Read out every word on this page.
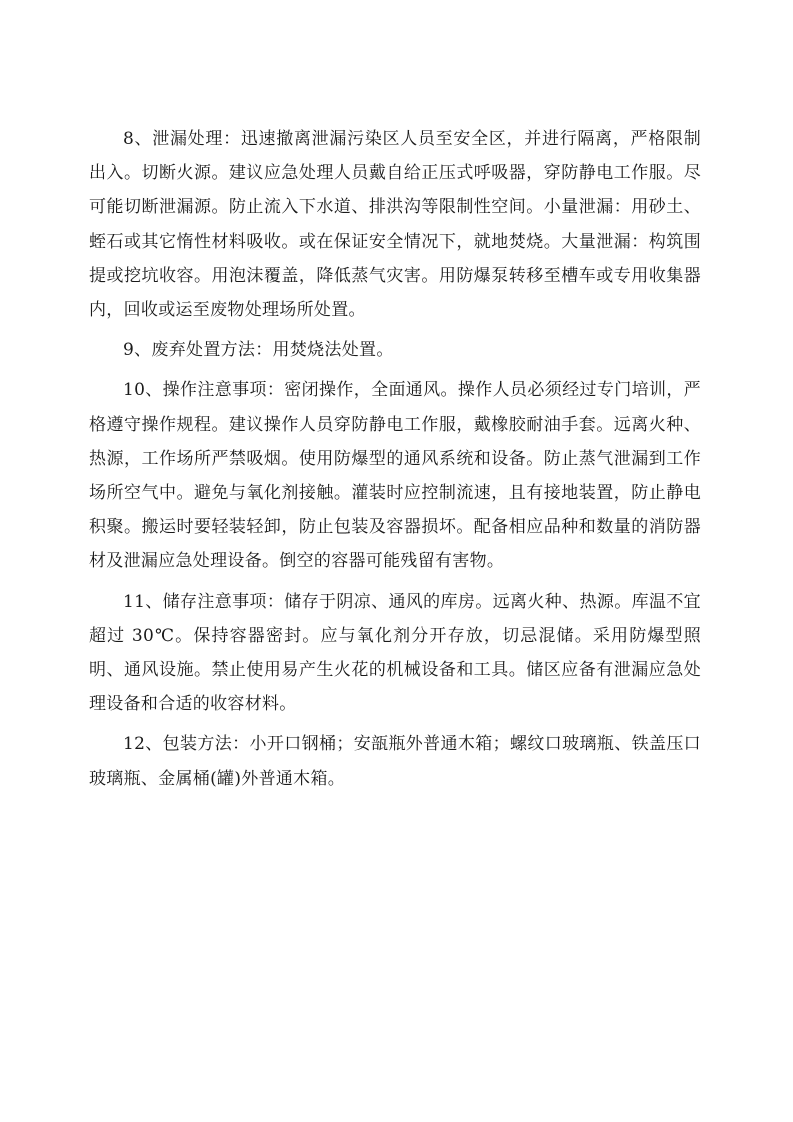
8、泄漏处理：迅速撤离泄漏污染区人员至安全区，并进行隔离，严格限制出入。切断火源。建议应急处理人员戴自给正压式呼吸器，穿防静电工作服。尽可能切断泄漏源。防止流入下水道、排洪沟等限制性空间。小量泄漏：用砂土、蛭石或其它惰性材料吸收。或在保证安全情况下，就地焚烧。大量泄漏：构筑围提或挖坑收容。用泡沫覆盖，降低蒸气灾害。用防爆泵转移至槽车或专用收集器内，回收或运至废物处理场所处置。

9、废弃处置方法：用焚烧法处置。

10、操作注意事项：密闭操作，全面通风。操作人员必须经过专门培训，严格遵守操作规程。建议操作人员穿防静电工作服，戴橡胶耐油手套。远离火种、热源，工作场所严禁吸烟。使用防爆型的通风系统和设备。防止蒸气泄漏到工作场所空气中。避免与氧化剂接触。灌装时应控制流速，且有接地装置，防止静电积聚。搬运时要轻装轻卸，防止包装及容器损坏。配备相应品种和数量的消防器材及泄漏应急处理设备。倒空的容器可能残留有害物。

11、储存注意事项：储存于阴凉、通风的库房。远离火种、热源。库温不宜超过 30℃。保持容器密封。应与氧化剂分开存放，切忌混储。采用防爆型照明、通风设施。禁止使用易产生火花的机械设备和工具。储区应备有泄漏应急处理设备和合适的收容材料。

12、包装方法：小开口钢桶；安瓿瓶外普通木箱；螺纹口玻璃瓶、铁盖压口玻璃瓶、金属桶(罐)外普通木箱。
